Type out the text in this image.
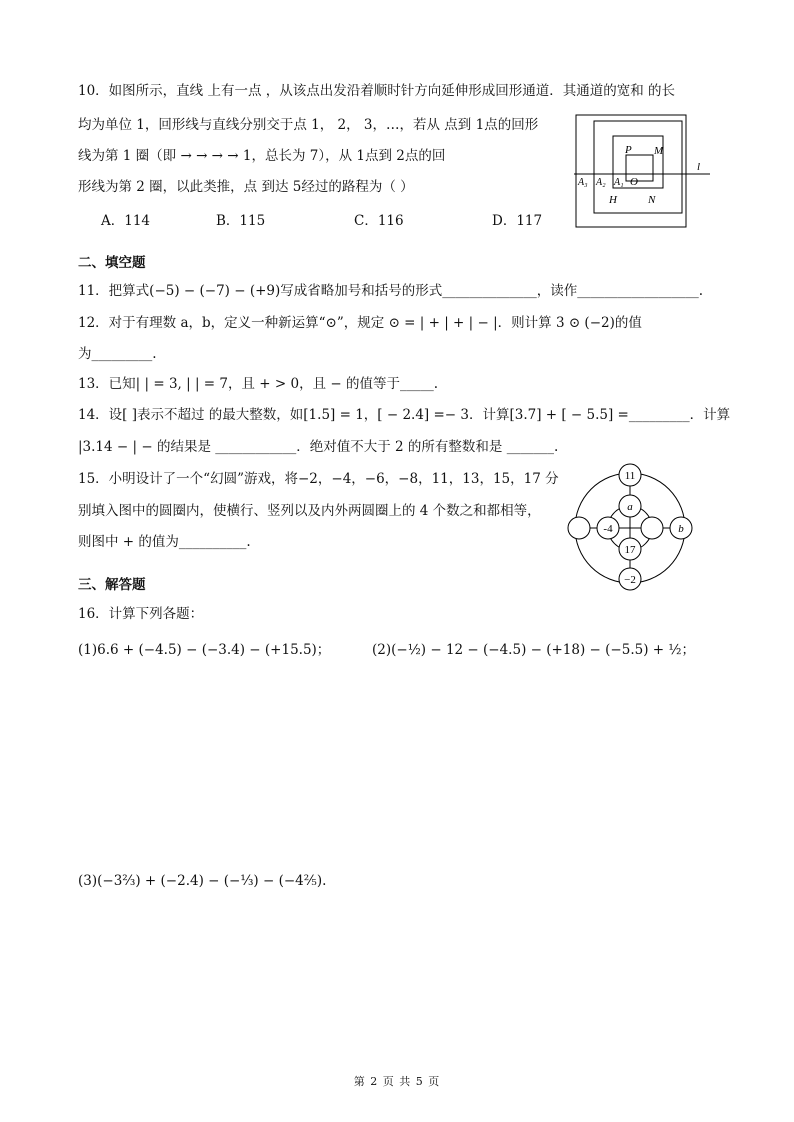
10．如图所示，直线 上有一点 ，从该点出发沿着顺时针方向延伸形成回形通道．其通道的宽和 的长
均为单位 1，回形线与直线分别交于点 1， 2， 3，…，若从 点到 1点的回形
线为第 1 圈（即 → → → → 1，总长为 7），从 1点到 2点的回
形线为第 2 圈，以此类推，点 到达 5经过的路程为（ ）
A．114	B．115	C．116	D．117
P M
l
A₃ A₂ A₁ O
H	N
二、填空题
11．把算式(−5) − (−7) − (+9)写成省略加号和括号的形式______________，读作__________________.
12．对于有理数 a，b，定义一种新运算“⊙”，规定 ⊙ = | + | + | − |．则计算 3 ⊙ (−2)的值
为_________.
13．已知| | = 3, | | = 7，且 + > 0，且 − 的值等于_____.
14．设[ ]表示不超过 的最大整数，如[1.5] = 1，[ − 2.4] =− 3．计算[3.7] + [ − 5.5] =_________．计算
|3.14 − | − 的结果是 ____________．绝对值不大于 2 的所有整数和是 _______.
15．小明设计了一个“幻圆”游戏，将−2，−4，−6，−8，11，13，15，17 分
别填入图中的圆圈内，使横行、竖列以及内外两圆圈上的 4 个数之和都相等，
则图中 + 的值为__________.
11
a
-4	b
17
−2
三、解答题
16．计算下列各题：
(1)6.6 + (−4.5) − (−3.4) − (+15.5)；	(2)(−½) − 12 − (−4.5) − (+18) − (−5.5) + ½；
(3)(−3⅔) + (−2.4) − (−⅓) − (−4⅖).
第 2 页 共 5 页
